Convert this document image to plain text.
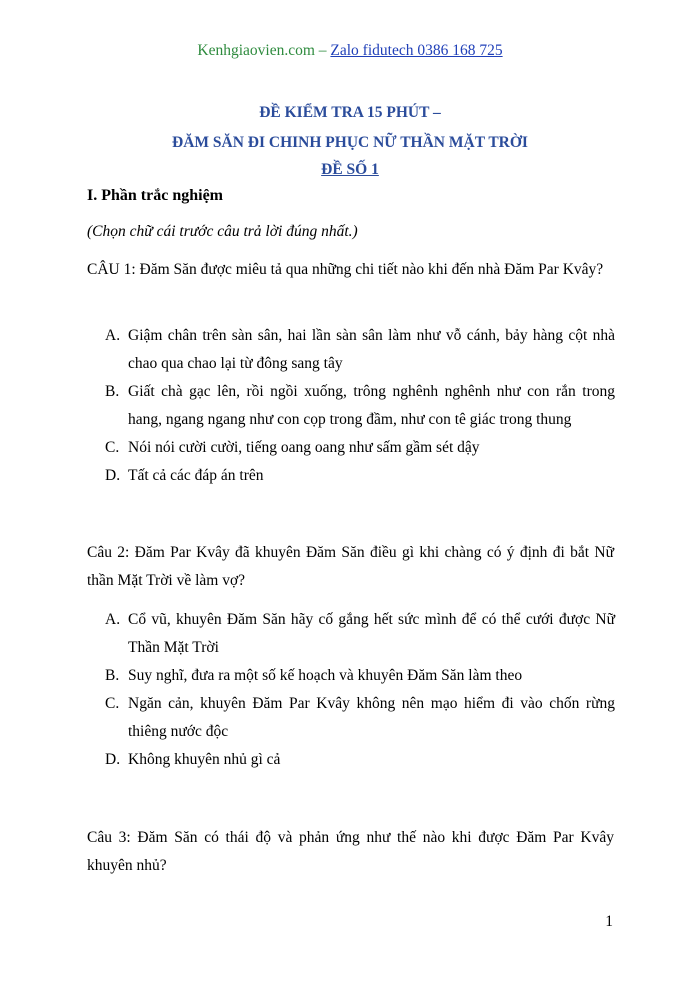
Kenhgiaovien.com – Zalo fidutech 0386 168 725
ĐỀ KIỂM TRA 15 PHÚT –
ĐĂM SĂN ĐI CHINH PHỤC NỮ THẦN MẶT TRỜI
ĐỀ SỐ 1
I. Phần trắc nghiệm
(Chọn chữ cái trước câu trả lời đúng nhất.)
CÂU 1: Đăm Săn được miêu tả qua những chi tiết nào khi đến nhà Đăm Par Kvây?
A. Giậm chân trên sàn sân, hai lần sàn sân làm như vỗ cánh, bảy hàng cột nhà chao qua chao lại từ đông sang tây
B. Giất chà gạc lên, rồi ngồi xuống, trông nghênh nghênh như con rắn trong hang, ngang ngang như con cọp trong đầm, như con tê giác trong thung
C. Nói nói cười cười, tiếng oang oang như sấm gầm sét dậy
D. Tất cả các đáp án trên
Câu 2: Đăm Par Kvây đã khuyên Đăm Săn điều gì khi chàng có ý định đi bắt Nữ thần Mặt Trời về làm vợ?
A. Cổ vũ, khuyên Đăm Săn hãy cố gắng hết sức mình để có thể cưới được Nữ Thần Mặt Trời
B. Suy nghĩ, đưa ra một số kế hoạch và khuyên Đăm Săn làm theo
C. Ngăn cản, khuyên Đăm Par Kvây không nên mạo hiểm đi vào chốn rừng thiêng nước độc
D. Không khuyên nhủ gì cả
Câu 3: Đăm Săn có thái độ và phản ứng như thế nào khi được Đăm Par Kvây khuyên nhủ?
1
